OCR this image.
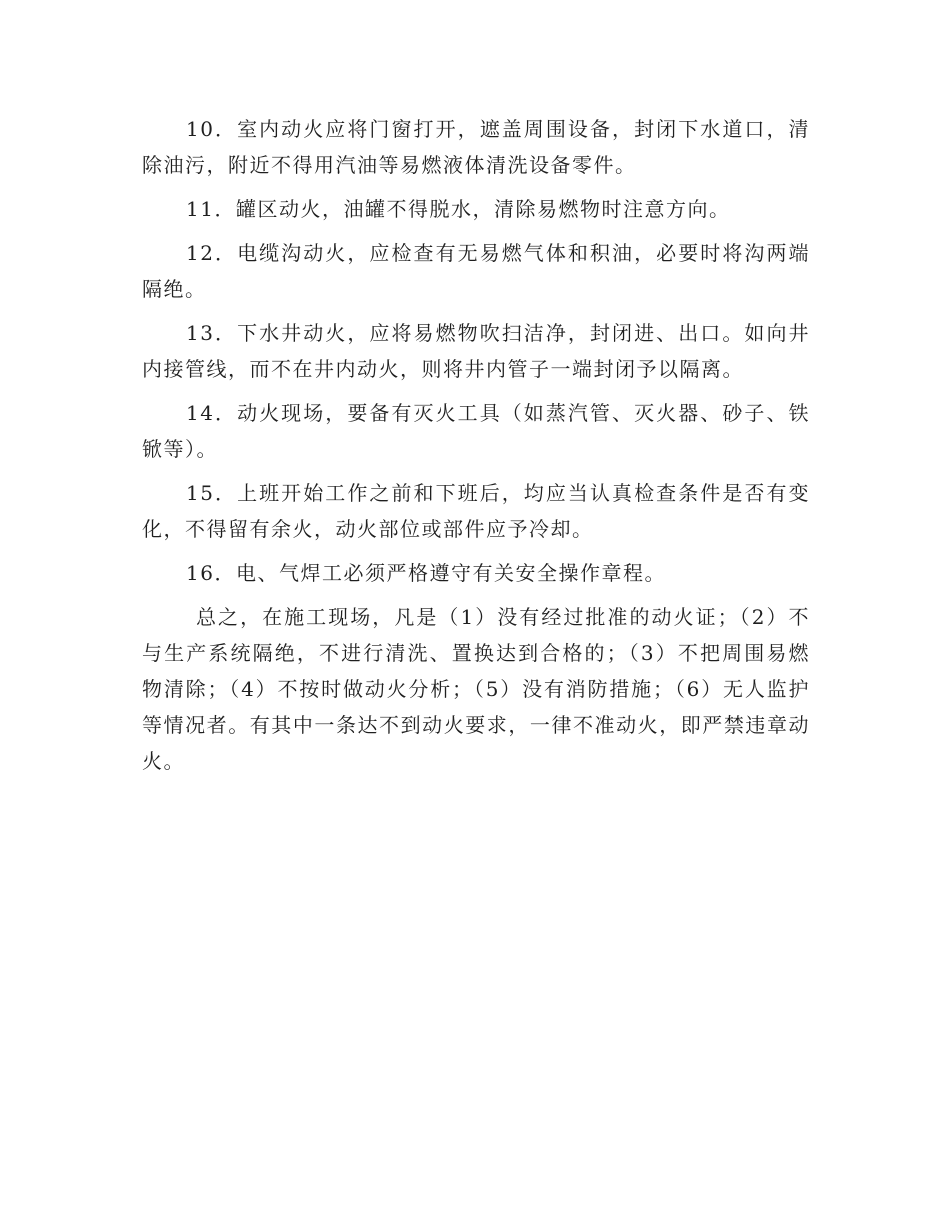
10．室内动火应将门窗打开，遮盖周围设备，封闭下水道口，清除油污，附近不得用汽油等易燃液体清洗设备零件。

11．罐区动火，油罐不得脱水，清除易燃物时注意方向。

12．电缆沟动火，应检查有无易燃气体和积油，必要时将沟两端隔绝。

13．下水井动火，应将易燃物吹扫洁净，封闭进、出口。如向井内接管线，而不在井内动火，则将井内管子一端封闭予以隔离。

14．动火现场，要备有灭火工具（如蒸汽管、灭火器、砂子、铁锨等）。

15．上班开始工作之前和下班后，均应当认真检查条件是否有变化，不得留有余火，动火部位或部件应予冷却。

16．电、气焊工必须严格遵守有关安全操作章程。

总之，在施工现场，凡是（1）没有经过批准的动火证；（2）不与生产系统隔绝，不进行清洗、置换达到合格的；（3）不把周围易燃物清除；（4）不按时做动火分析；（5）没有消防措施；（6）无人监护等情况者。有其中一条达不到动火要求，一律不准动火，即严禁违章动火。
